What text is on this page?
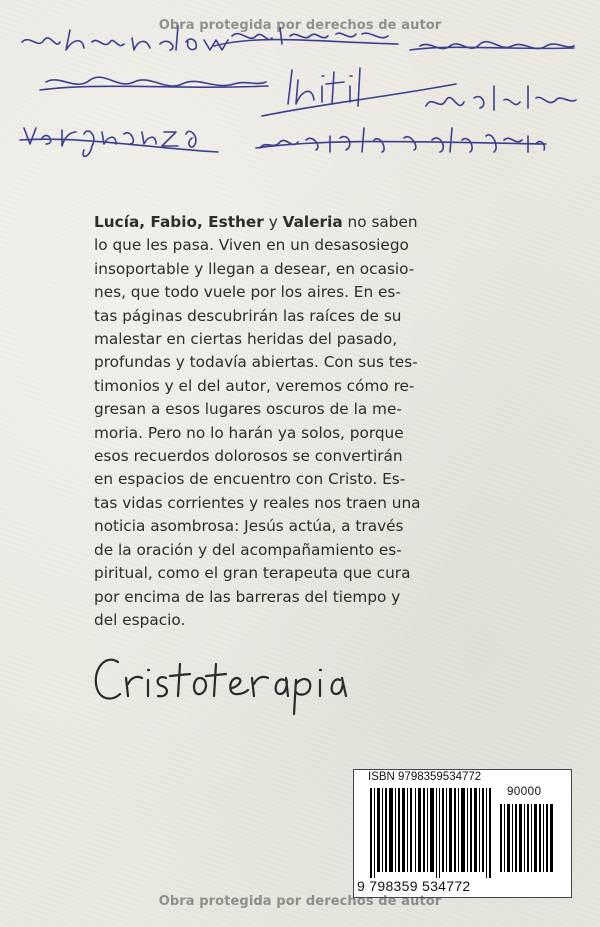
Obra protegida por derechos de autor
Lucía, Fabio, Esther y Valeria no saben
lo que les pasa. Viven en un desasosiego
insoportable y llegan a desear, en ocasio-
nes, que todo vuele por los aires. En es-
tas páginas descubrirán las raíces de su
malestar en ciertas heridas del pasado,
profundas y todavía abiertas. Con sus tes-
timonios y el del autor, veremos cómo re-
gresan a esos lugares oscuros de la me-
moria. Pero no lo harán ya solos, porque
esos recuerdos dolorosos se convertirán
en espacios de encuentro con Cristo. Es-
tas vidas corrientes y reales nos traen una
noticia asombrosa: Jesús actúa, a través
de la oración y del acompañamiento es-
piritual, como el gran terapeuta que cura
por encima de las barreras del tiempo y
del espacio.
Cristoterapia
ISBN 9798359534772
90000
9 798359 534772
Obra protegida por derechos de autor
